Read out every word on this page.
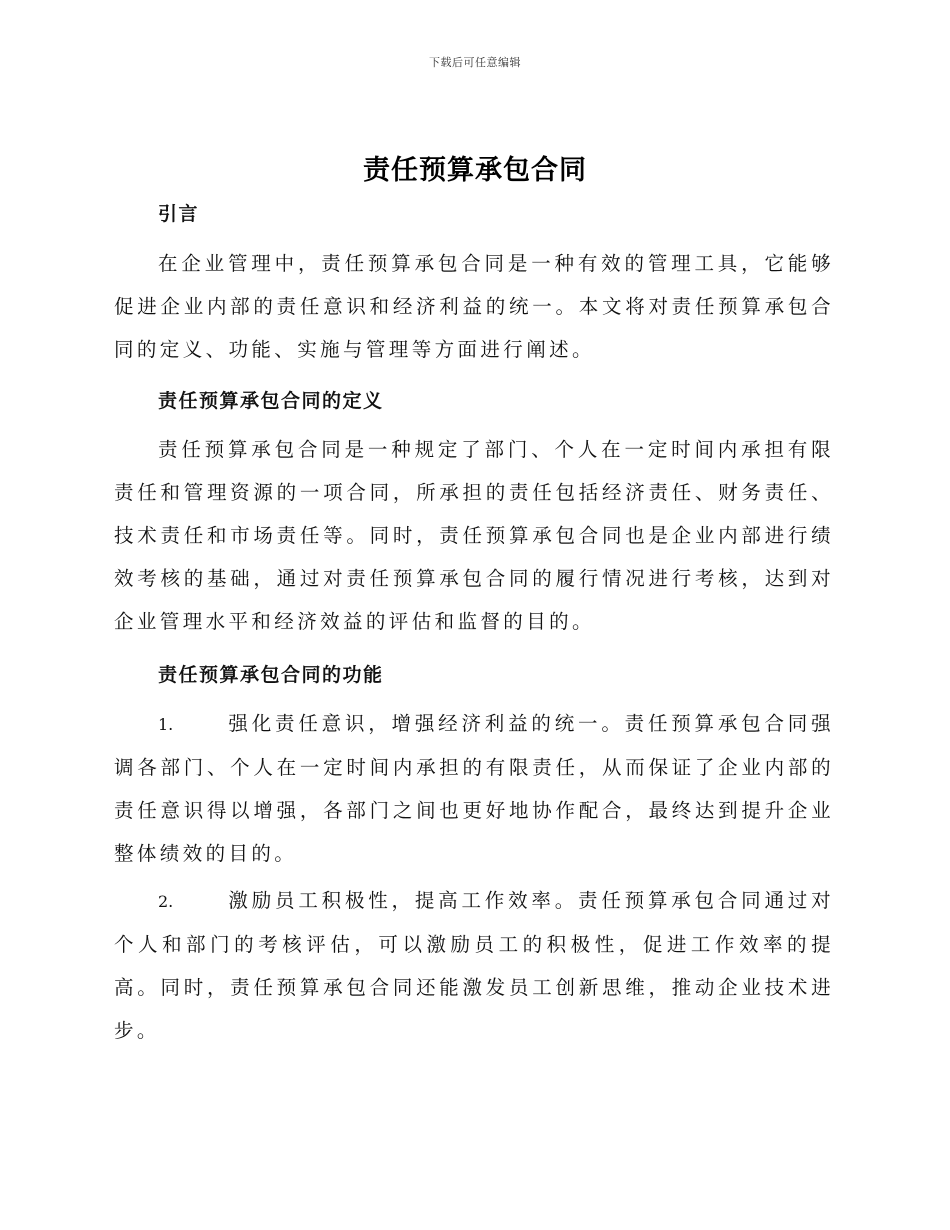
下载后可任意编辑
责任预算承包合同
引言

在企业管理中，责任预算承包合同是一种有效的管理工具，它能够促进企业内部的责任意识和经济利益的统一。本文将对责任预算承包合同的定义、功能、实施与管理等方面进行阐述。

责任预算承包合同的定义

责任预算承包合同是一种规定了部门、个人在一定时间内承担有限责任和管理资源的一项合同，所承担的责任包括经济责任、财务责任、技术责任和市场责任等。同时，责任预算承包合同也是企业内部进行绩效考核的基础，通过对责任预算承包合同的履行情况进行考核，达到对企业管理水平和经济效益的评估和监督的目的。

责任预算承包合同的功能
1.	强化责任意识，增强经济利益的统一。责任预算承包合同强调各部门、个人在一定时间内承担的有限责任，从而保证了企业内部的责任意识得以增强，各部门之间也更好地协作配合，最终达到提升企业整体绩效的目的。
2.	激励员工积极性，提高工作效率。责任预算承包合同通过对个人和部门的考核评估，可以激励员工的积极性，促进工作效率的提高。同时，责任预算承包合同还能激发员工创新思维，推动企业技术进步。
